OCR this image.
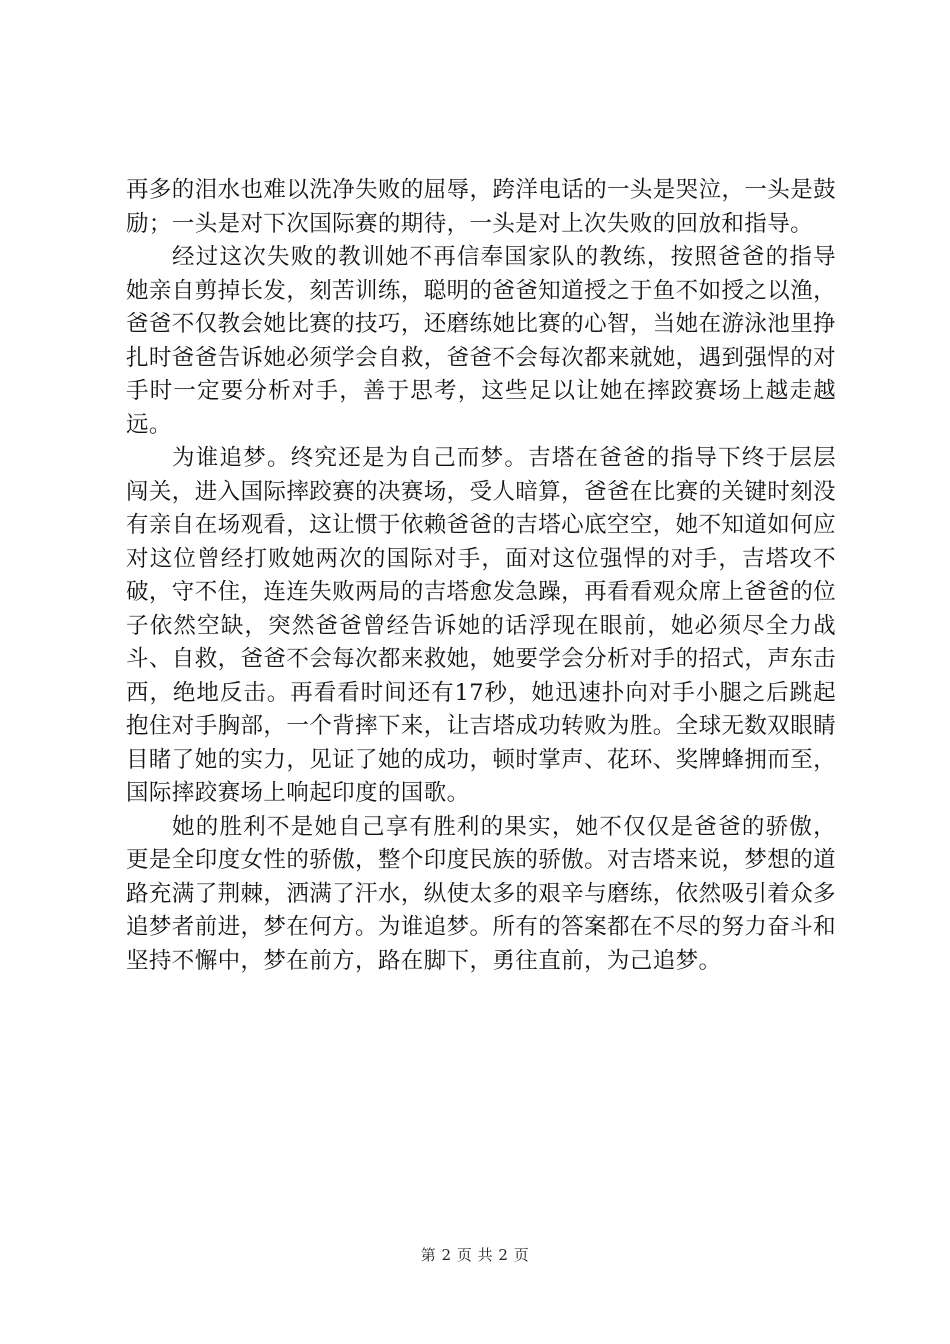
再多的泪水也难以洗净失败的屈辱，跨洋电话的一头是哭泣，一头是鼓励；一头是对下次国际赛的期待，一头是对上次失败的回放和指导。

经过这次失败的教训她不再信奉国家队的教练，按照爸爸的指导她亲自剪掉长发，刻苦训练，聪明的爸爸知道授之于鱼不如授之以渔，爸爸不仅教会她比赛的技巧，还磨练她比赛的心智，当她在游泳池里挣扎时爸爸告诉她必须学会自救，爸爸不会每次都来就她，遇到强悍的对手时一定要分析对手，善于思考，这些足以让她在摔跤赛场上越走越远。

为谁追梦。终究还是为自己而梦。吉塔在爸爸的指导下终于层层闯关，进入国际摔跤赛的决赛场，受人暗算，爸爸在比赛的关键时刻没有亲自在场观看，这让惯于依赖爸爸的吉塔心底空空，她不知道如何应对这位曾经打败她两次的国际对手，面对这位强悍的对手，吉塔攻不破，守不住，连连失败两局的吉塔愈发急躁，再看看观众席上爸爸的位子依然空缺，突然爸爸曾经告诉她的话浮现在眼前，她必须尽全力战斗、自救，爸爸不会每次都来救她，她要学会分析对手的招式，声东击西，绝地反击。再看看时间还有17秒，她迅速扑向对手小腿之后跳起抱住对手胸部，一个背摔下来，让吉塔成功转败为胜。全球无数双眼睛目睹了她的实力，见证了她的成功，顿时掌声、花环、奖牌蜂拥而至，国际摔跤赛场上响起印度的国歌。

她的胜利不是她自己享有胜利的果实，她不仅仅是爸爸的骄傲，更是全印度女性的骄傲，整个印度民族的骄傲。对吉塔来说，梦想的道路充满了荆棘，洒满了汗水，纵使太多的艰辛与磨练，依然吸引着众多追梦者前进，梦在何方。为谁追梦。所有的答案都在不尽的努力奋斗和坚持不懈中，梦在前方，路在脚下，勇往直前，为己追梦。

第 2 页 共 2 页
